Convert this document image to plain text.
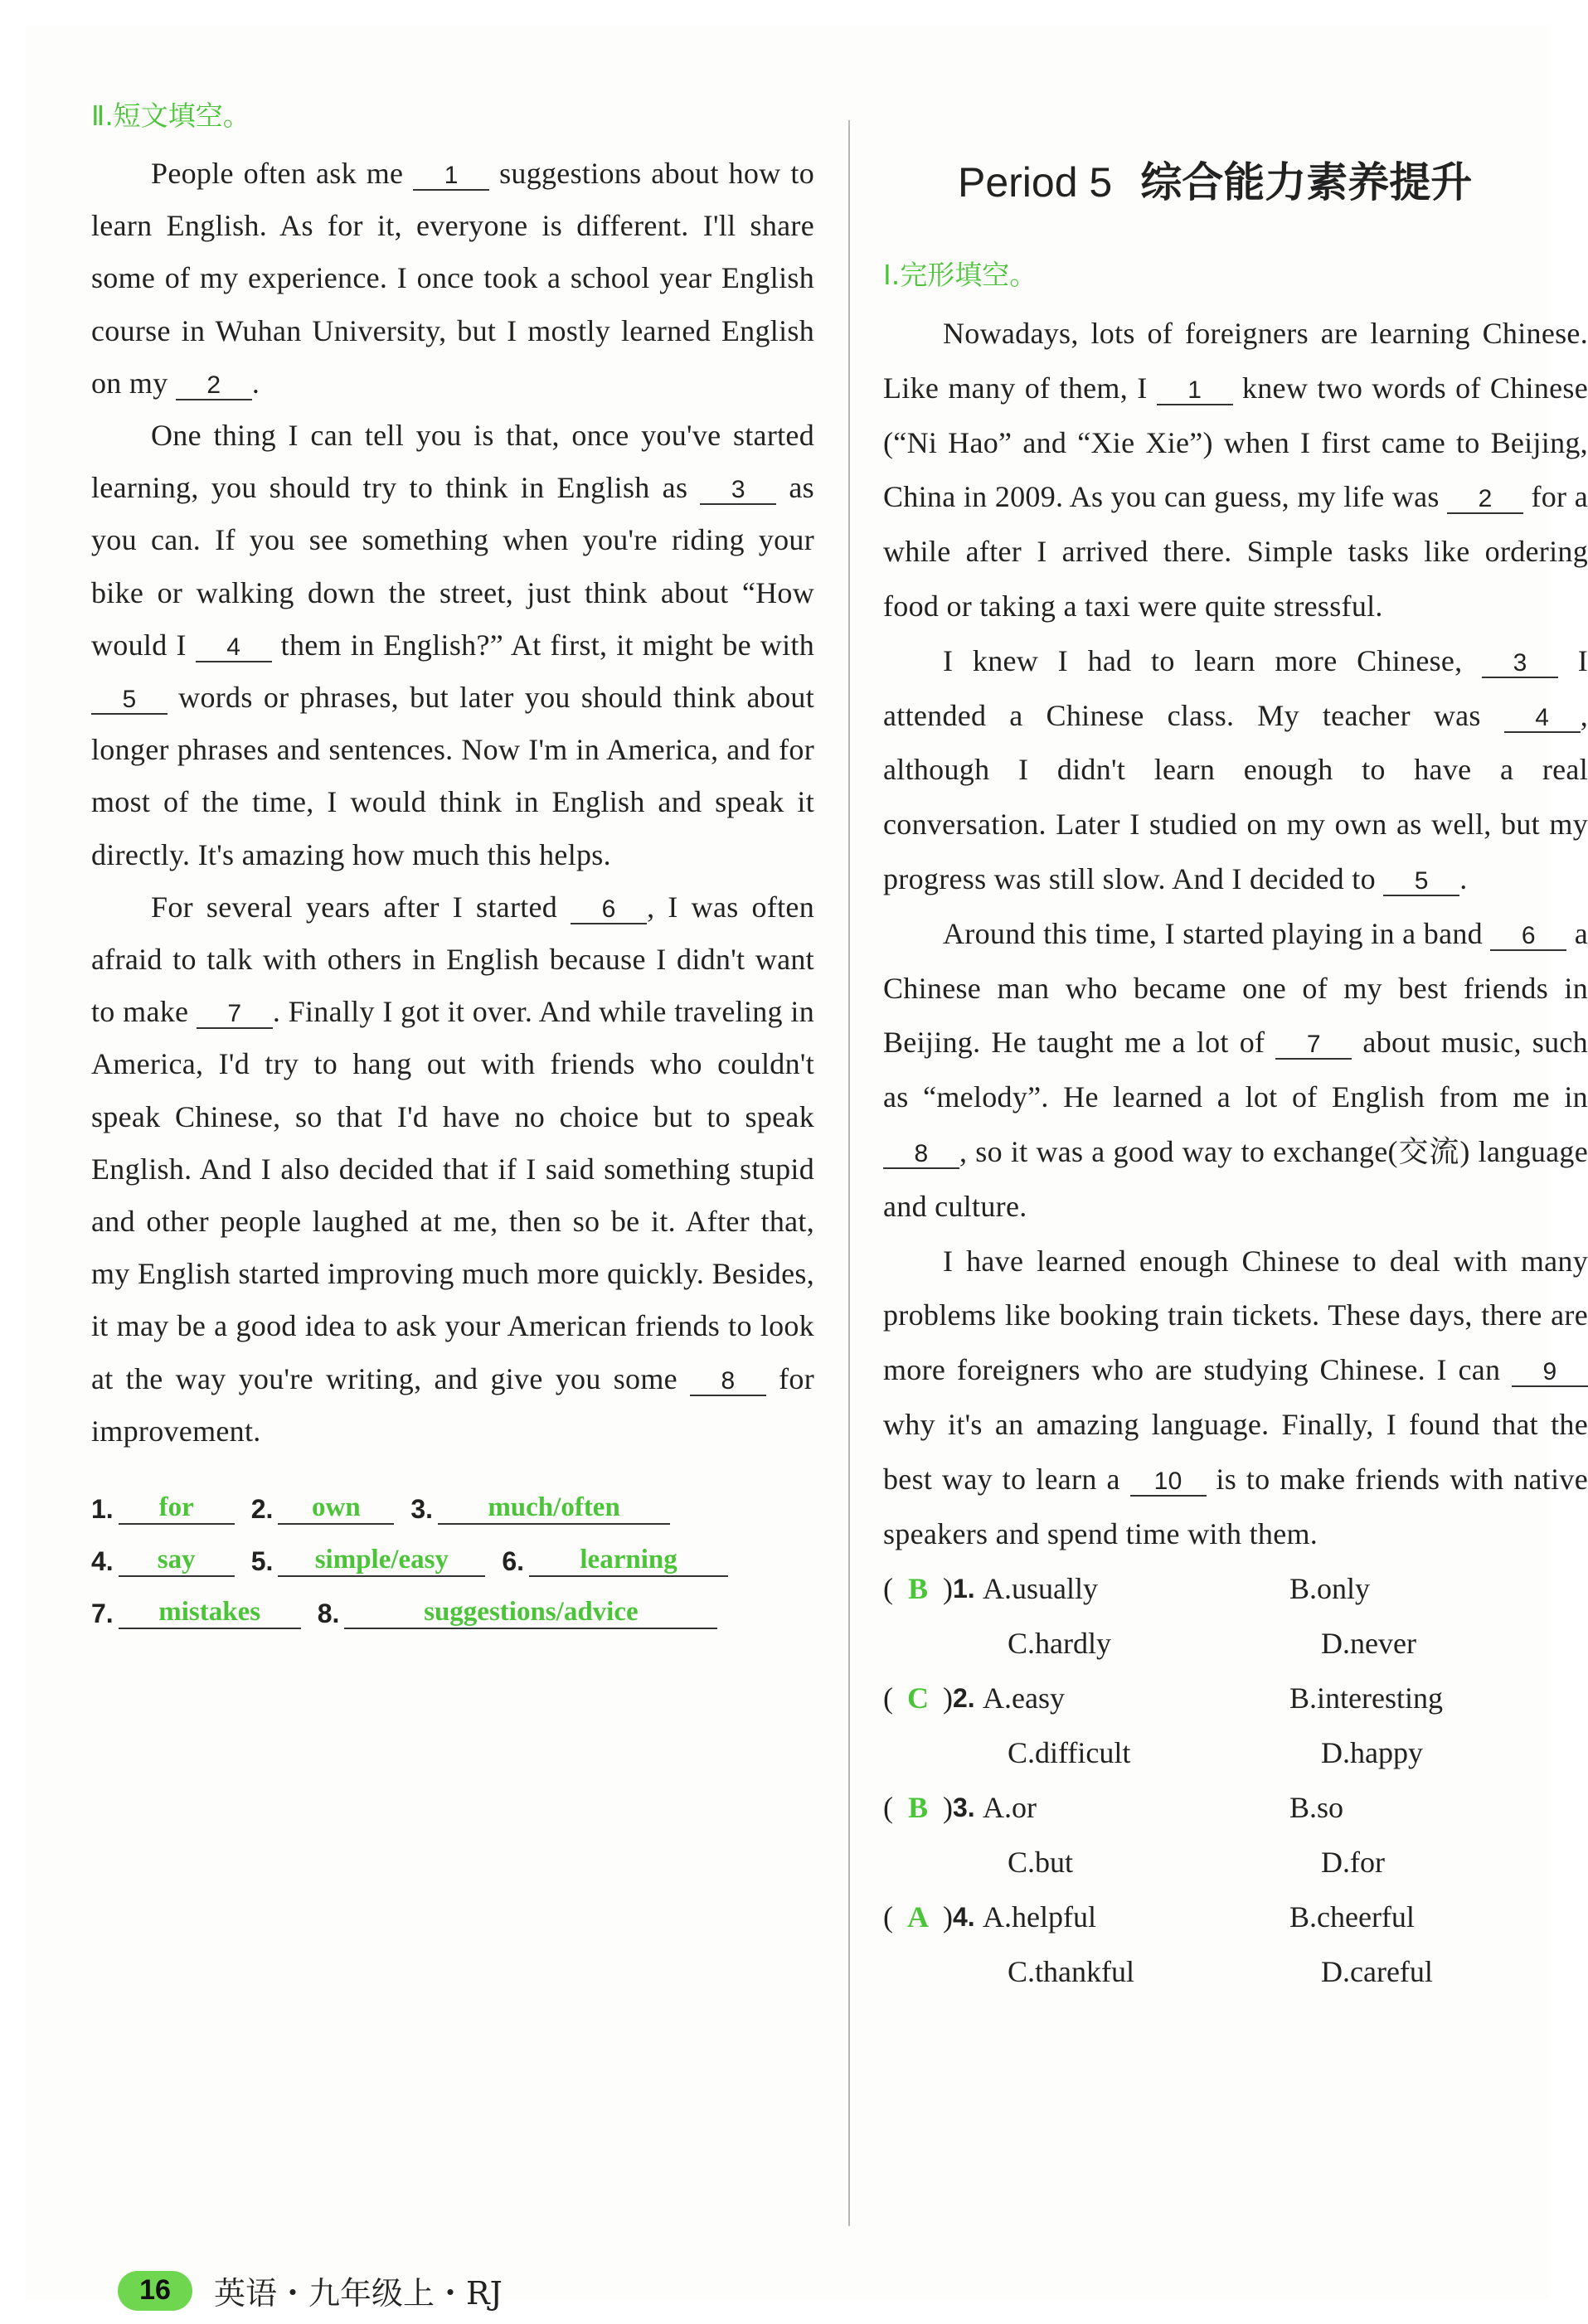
Ⅱ.短文填空。

People often ask me 1 suggestions about how to learn English. As for it, everyone is different. I'll share some of my experience. I once took a school year English course in Wuhan University, but I mostly learned English on my 2 .

One thing I can tell you is that, once you've started learning, you should try to think in English as 3 as you can. If you see something when you're riding your bike or walking down the street, just think about “How would I 4 them in English?” At first, it might be with 5 words or phrases, but later you should think about longer phrases and sentences. Now I'm in America, and for most of the time, I would think in English and speak it directly. It's amazing how much this helps.

For several years after I started 6 , I was often afraid to talk with others in English because I didn't want to make 7 . Finally I got it over. And while traveling in America, I'd try to hang out with friends who couldn't speak Chinese, so that I'd have no choice but to speak English. And I also decided that if I said something stupid and other people laughed at me, then so be it. After that, my English started improving much more quickly. Besides, it may be a good idea to ask your American friends to look at the way you're writing, and give you some 8 for improvement.

1.	for	2.	own	3.	much/often
4.	say	5.	simple/easy	6.	learning
7.	mistakes	8.	suggestions/advice
Period 5 综合能力素养提升
Ⅰ.完形填空。

Nowadays, lots of foreigners are learning Chinese. Like many of them, I 1 knew two words of Chinese (“Ni Hao” and “Xie Xie”) when I first came to Beijing, China in 2009. As you can guess, my life was 2 for a while after I arrived there. Simple tasks like ordering food or taking a taxi were quite stressful.

I knew I had to learn more Chinese, 3 I attended a Chinese class. My teacher was 4 , although I didn't learn enough to have a real conversation. Later I studied on my own as well, but my progress was still slow. And I decided to 5 .

Around this time, I started playing in a band 6 a Chinese man who became one of my best friends in Beijing. He taught me a lot of 7 about music, such as “melody”. He learned a lot of English from me in 8 , so it was a good way to exchange(交流) language and culture.

I have learned enough Chinese to deal with many problems like booking train tickets. These days, there are more foreigners who are studying Chinese. I can 9 why it's an amazing language. Finally, I found that the best way to learn a 10 is to make friends with native speakers and spend time with them.

( B ) 1. A.usually	B.only
C.hardly	D.never
( C ) 2. A.easy	B.interesting
C.difficult	D.happy
( B ) 3. A.or	B.so
C.but	D.for
( A ) 4. A.helpful	B.cheerful
C.thankful	D.careful
16	英语・九年级上・RJ
